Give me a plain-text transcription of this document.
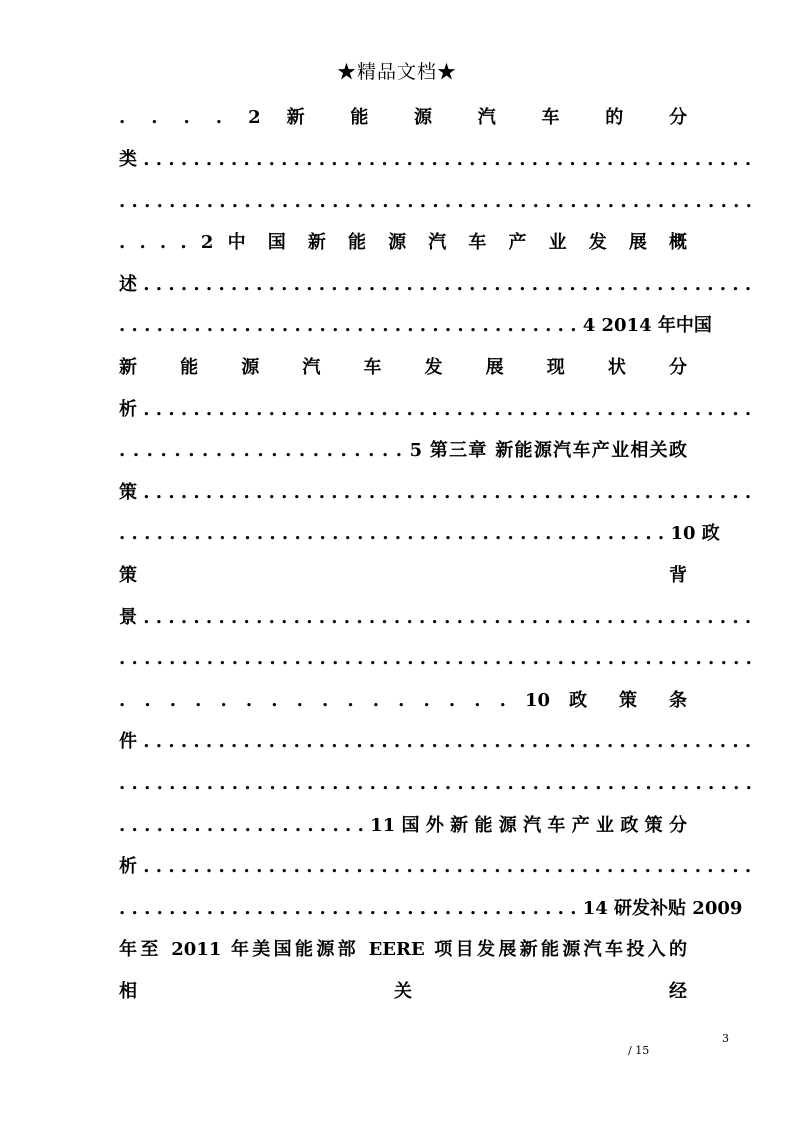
★精品文档★
. . . . 2 新 能 源 汽 车 的 分
类 . . . . . . . . . . . . . . . . . . . . . . . . . . . . . . . . . . . . . . . . . . . . . . . . .
. . . . . . . . . . . . . . . . . . . . . . . . . . . . . . . . . . . . . . . . . . . . . . . . . . .
. . . . 2 中 国 新 能 源 汽 车 产 业 发 展 概
述 . . . . . . . . . . . . . . . . . . . . . . . . . . . . . . . . . . . . . . . . . . . . . . . . .
. . . . . . . . . . . . . . . . . . . . . . . . . . . . . . . . . . . . . 4 2014 年中国
新 能 源 汽 车 发 展 现 状 分
析 . . . . . . . . . . . . . . . . . . . . . . . . . . . . . . . . . . . . . . . . . . . . . . . . .
. . . . . . . . . . . . . . . . . . . . . 5 第三章 新能源汽车产业相关政
策 . . . . . . . . . . . . . . . . . . . . . . . . . . . . . . . . . . . . . . . . . . . . . . . . .
. . . . . . . . . . . . . . . . . . . . . . . . . . . . . . . . . . . . . . . . . . . . 10 政
策 背
景 . . . . . . . . . . . . . . . . . . . . . . . . . . . . . . . . . . . . . . . . . . . . . . . . .
. . . . . . . . . . . . . . . . . . . . . . . . . . . . . . . . . . . . . . . . . . . . . . . . . . .
. . . . . . . . . . . . . . . . 10 政 策 条
件 . . . . . . . . . . . . . . . . . . . . . . . . . . . . . . . . . . . . . . . . . . . . . . . . .
. . . . . . . . . . . . . . . . . . . . . . . . . . . . . . . . . . . . . . . . . . . . . . . . . . .
. . . . . . . . . . . . . . . . . . . . 11 国 外 新 能 源 汽 车 产 业 政 策 分
析 . . . . . . . . . . . . . . . . . . . . . . . . . . . . . . . . . . . . . . . . . . . . . . . . .
. . . . . . . . . . . . . . . . . . . . . . . . . . . . . . . . . . . . . 14 研发补贴 2009
年至 2011 年美国能源部 EERE 项目发展新能源汽车投入的
相 关 经
3
/ 15
